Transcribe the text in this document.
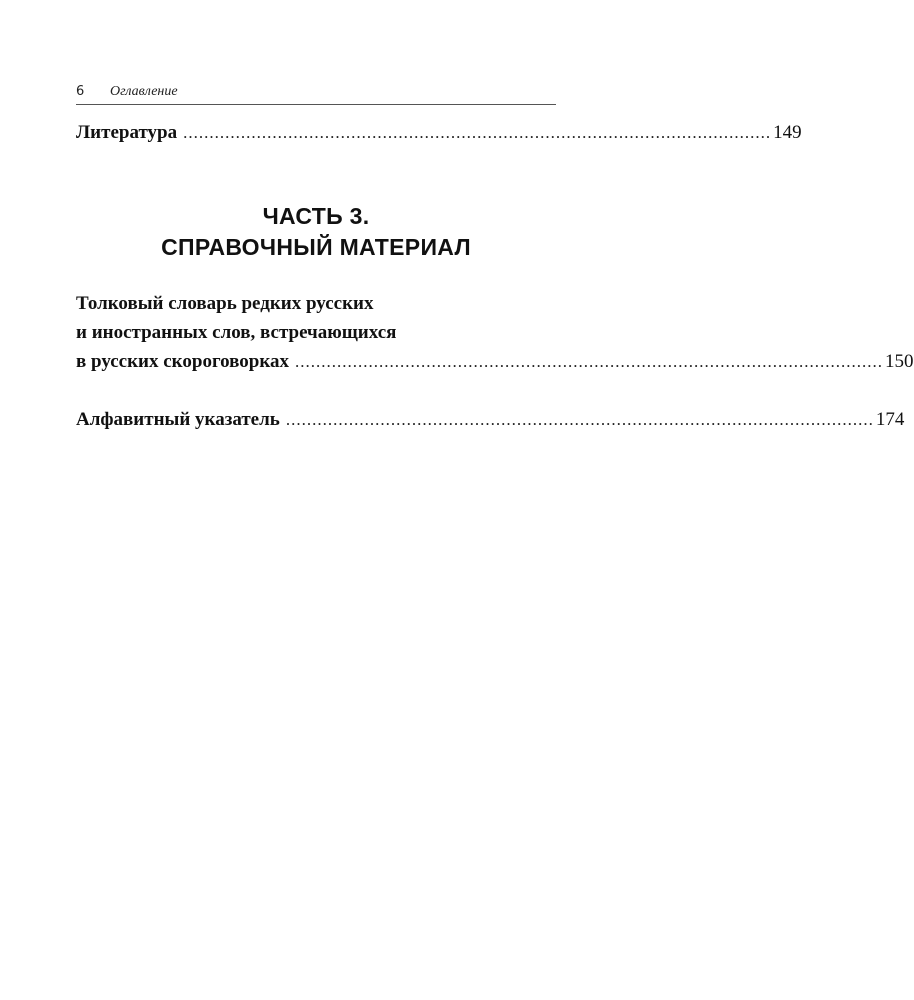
6 Оглавление
Литература ................................................................................................................ 149
ЧАСТЬ 3.
СПРАВОЧНЫЙ МАТЕРИАЛ
Толковый словарь редких русских
и иностранных слов, встречающихся
в русских скороговорках ................................................................................................................ 150
Алфавитный указатель ................................................................................................................ 174
